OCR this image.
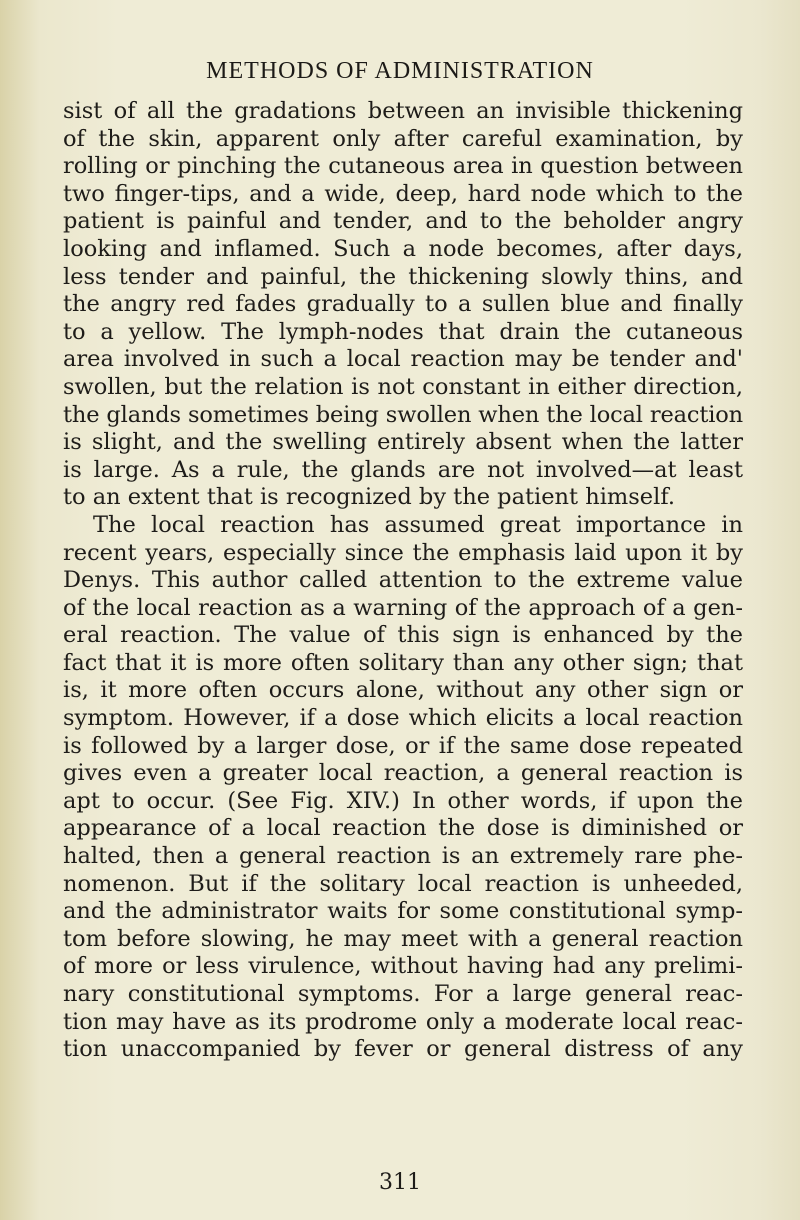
METHODS OF ADMINISTRATION
sist of all the gradations between an invisible thickening
of the skin, apparent only after careful examination, by
rolling or pinching the cutaneous area in question between
two finger-tips, and a wide, deep, hard node which to the
patient is painful and tender, and to the beholder angry
looking and inflamed. Such a node becomes, after days,
less tender and painful, the thickening slowly thins, and
the angry red fades gradually to a sullen blue and finally
to a yellow. The lymph-nodes that drain the cutaneous
area involved in such a local reaction may be tender and'
swollen, but the relation is not constant in either direction,
the glands sometimes being swollen when the local reaction
is slight, and the swelling entirely absent when the latter
is large. As a rule, the glands are not involved—at least
to an extent that is recognized by the patient himself.
The local reaction has assumed great importance in
recent years, especially since the emphasis laid upon it by
Denys. This author called attention to the extreme value
of the local reaction as a warning of the approach of a gen-
eral reaction. The value of this sign is enhanced by the
fact that it is more often solitary than any other sign; that
is, it more often occurs alone, without any other sign or
symptom. However, if a dose which elicits a local reaction
is followed by a larger dose, or if the same dose repeated
gives even a greater local reaction, a general reaction is
apt to occur. (See Fig. XIV.) In other words, if upon the
appearance of a local reaction the dose is diminished or
halted, then a general reaction is an extremely rare phe-
nomenon. But if the solitary local reaction is unheeded,
and the administrator waits for some constitutional symp-
tom before slowing, he may meet with a general reaction
of more or less virulence, without having had any prelimi-
nary constitutional symptoms. For a large general reac-
tion may have as its prodrome only a moderate local reac-
tion unaccompanied by fever or general distress of any
311
